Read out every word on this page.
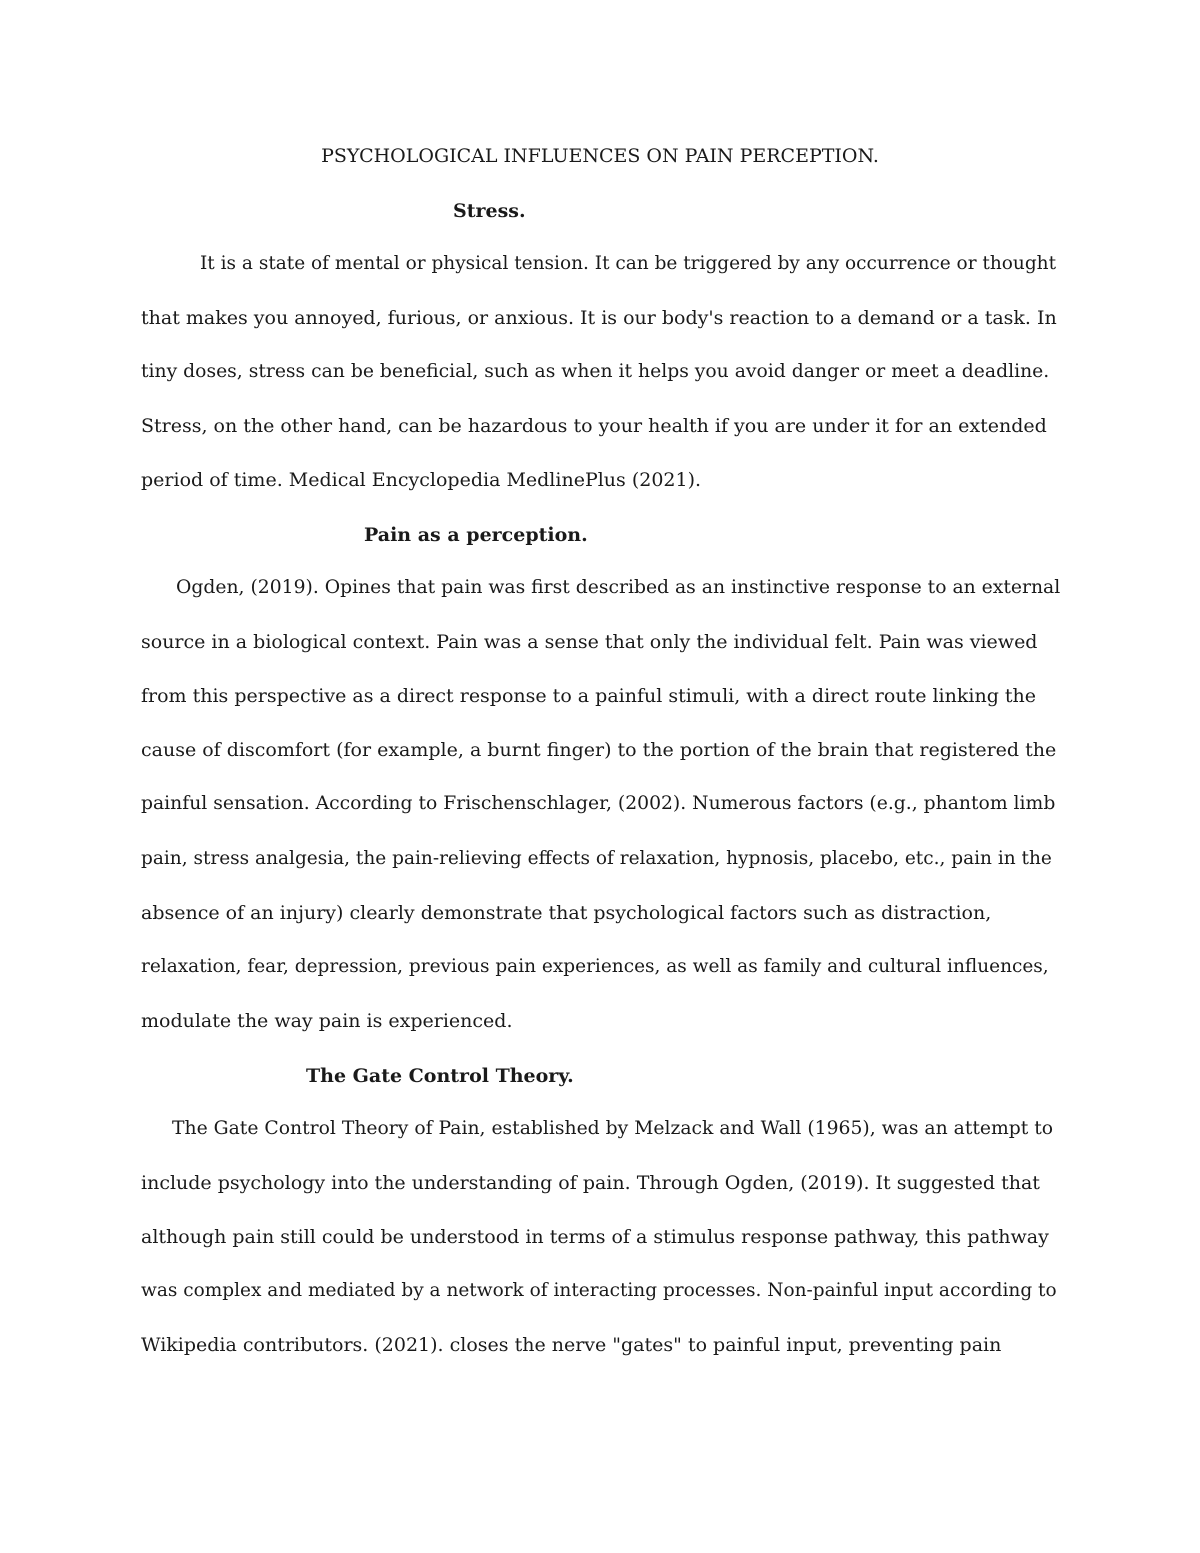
PSYCHOLOGICAL INFLUENCES ON PAIN PERCEPTION.
Stress.
It is a state of mental or physical tension. It can be triggered by any occurrence or thought
that makes you annoyed, furious, or anxious. It is our body's reaction to a demand or a task. In
tiny doses, stress can be beneficial, such as when it helps you avoid danger or meet a deadline.
Stress, on the other hand, can be hazardous to your health if you are under it for an extended
period of time. Medical Encyclopedia MedlinePlus (2021).
Pain as a perception.
Ogden, (2019). Opines that pain was first described as an instinctive response to an external
source in a biological context. Pain was a sense that only the individual felt. Pain was viewed
from this perspective as a direct response to a painful stimuli, with a direct route linking the
cause of discomfort (for example, a burnt finger) to the portion of the brain that registered the
painful sensation. According to Frischenschlager, (2002). Numerous factors (e.g., phantom limb
pain, stress analgesia, the pain-relieving effects of relaxation, hypnosis, placebo, etc., pain in the
absence of an injury) clearly demonstrate that psychological factors such as distraction,
relaxation, fear, depression, previous pain experiences, as well as family and cultural influences,
modulate the way pain is experienced.
The Gate Control Theory.
The Gate Control Theory of Pain, established by Melzack and Wall (1965), was an attempt to
include psychology into the understanding of pain. Through Ogden, (2019). It suggested that
although pain still could be understood in terms of a stimulus response pathway, this pathway
was complex and mediated by a network of interacting processes. Non-painful input according to
Wikipedia contributors. (2021). closes the nerve "gates" to painful input, preventing pain
